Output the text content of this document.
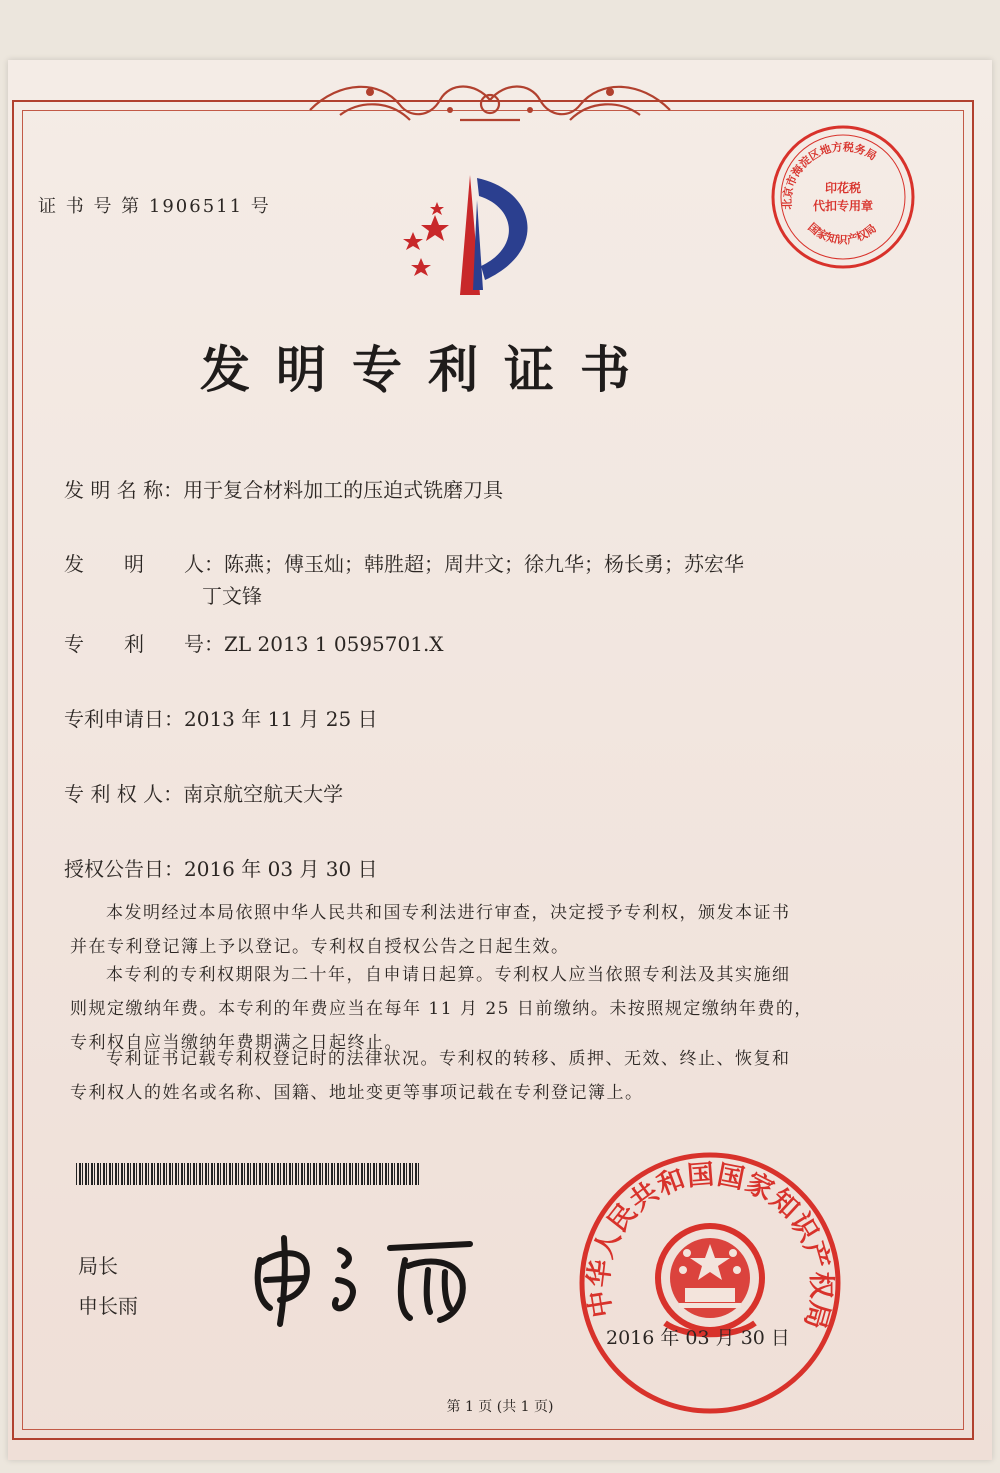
证 书 号 第 1906511 号	北京市海淀区地方税务局
印花税
代扣专用章
国家知识产权局
发明专利证书
发 明 名 称：用于复合材料加工的压迫式铣磨刀具
发　　明　　人：陈燕；傅玉灿；韩胜超；周井文；徐九华；杨长勇；苏宏华
丁文锋
专　　利　　号：ZL 2013 1 0595701.X
专利申请日：2013 年 11 月 25 日
专 利 权 人：南京航空航天大学
授权公告日：2016 年 03 月 30 日
本发明经过本局依照中华人民共和国专利法进行审查，决定授予专利权，颁发本证书
并在专利登记簿上予以登记。专利权自授权公告之日起生效。
本专利的专利权期限为二十年，自申请日起算。专利权人应当依照专利法及其实施细
则规定缴纳年费。本专利的年费应当在每年 11 月 25 日前缴纳。未按照规定缴纳年费的，
专利权自应当缴纳年费期满之日起终止。
专利证书记载专利权登记时的法律状况。专利权的转移、质押、无效、终止、恢复和
专利权人的姓名或名称、国籍、地址变更等事项记载在专利登记簿上。
局长
申长雨	中华人民共和国国家知识产权局
2016 年 03 月 30 日
第 1 页 (共 1 页)
